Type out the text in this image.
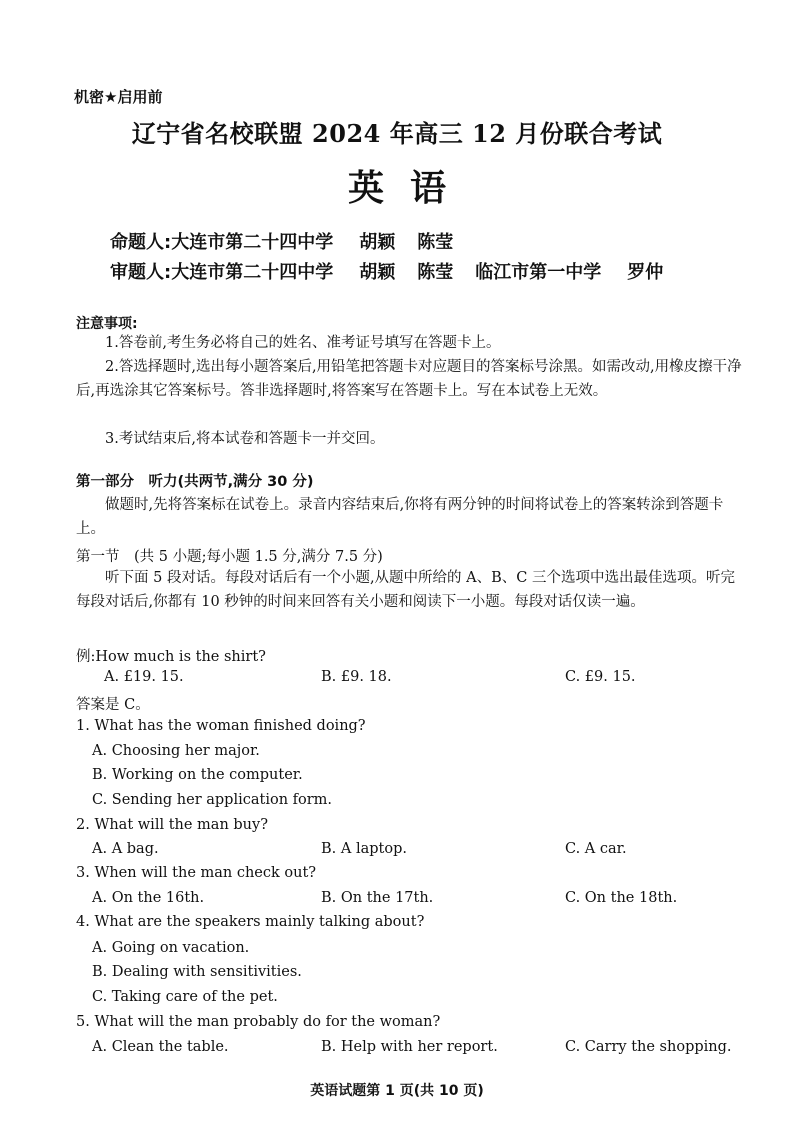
机密★启用前
辽宁省名校联盟 2024 年高三 12 月份联合考试
英语
命题人:大连市第二十四中学 胡颖 陈莹
审题人:大连市第二十四中学 胡颖 陈莹 临江市第一中学 罗仲
注意事项:
1.答卷前,考生务必将自己的姓名、准考证号填写在答题卡上。
2.答选择题时,选出每小题答案后,用铅笔把答题卡对应题目的答案标号涂黑。如需改动,用橡皮擦干净后,再选涂其它答案标号。答非选择题时,将答案写在答题卡上。写在本试卷上无效。
3.考试结束后,将本试卷和答题卡一并交回。
第一部分　听力(共两节,满分 30 分)
做题时,先将答案标在试卷上。录音内容结束后,你将有两分钟的时间将试卷上的答案转涂到答题卡上。
第一节　(共 5 小题;每小题 1.5 分,满分 7.5 分)
听下面 5 段对话。每段对话后有一个小题,从题中所给的 A、B、C 三个选项中选出最佳选项。听完每段对话后,你都有 10 秒钟的时间来回答有关小题和阅读下一小题。每段对话仅读一遍。
例:How much is the shirt?
A. £19. 15.	B. £9. 18.	C. £9. 15.
答案是 C。
1. What has the woman finished doing?
A. Choosing her major.
B. Working on the computer.
C. Sending her application form.
2. What will the man buy?
A. A bag.	B. A laptop.	C. A car.
3. When will the man check out?
A. On the 16th.	B. On the 17th.	C. On the 18th.
4. What are the speakers mainly talking about?
A. Going on vacation.
B. Dealing with sensitivities.
C. Taking care of the pet.
5. What will the man probably do for the woman?
A. Clean the table.	B. Help with her report.	C. Carry the shopping.
英语试题第 1 页(共 10 页)
